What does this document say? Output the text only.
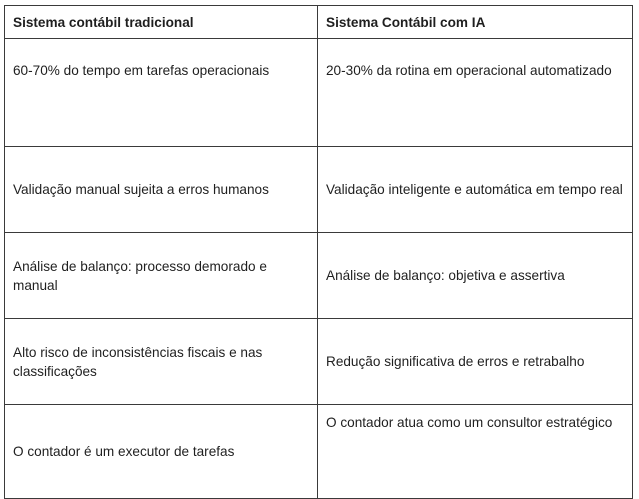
Sistema contábil tradicional	Sistema Contábil com IA
60-70% do tempo em tarefas operacionais	20-30% da rotina em operacional automatizado
Validação manual sujeita a erros humanos	Validação inteligente e automática em tempo real
Análise de balanço: processo demorado e manual	Análise de balanço: objetiva e assertiva
Alto risco de inconsistências fiscais e nas classificações	Redução significativa de erros e retrabalho
O contador é um executor de tarefas	O contador atua como um consultor estratégico
